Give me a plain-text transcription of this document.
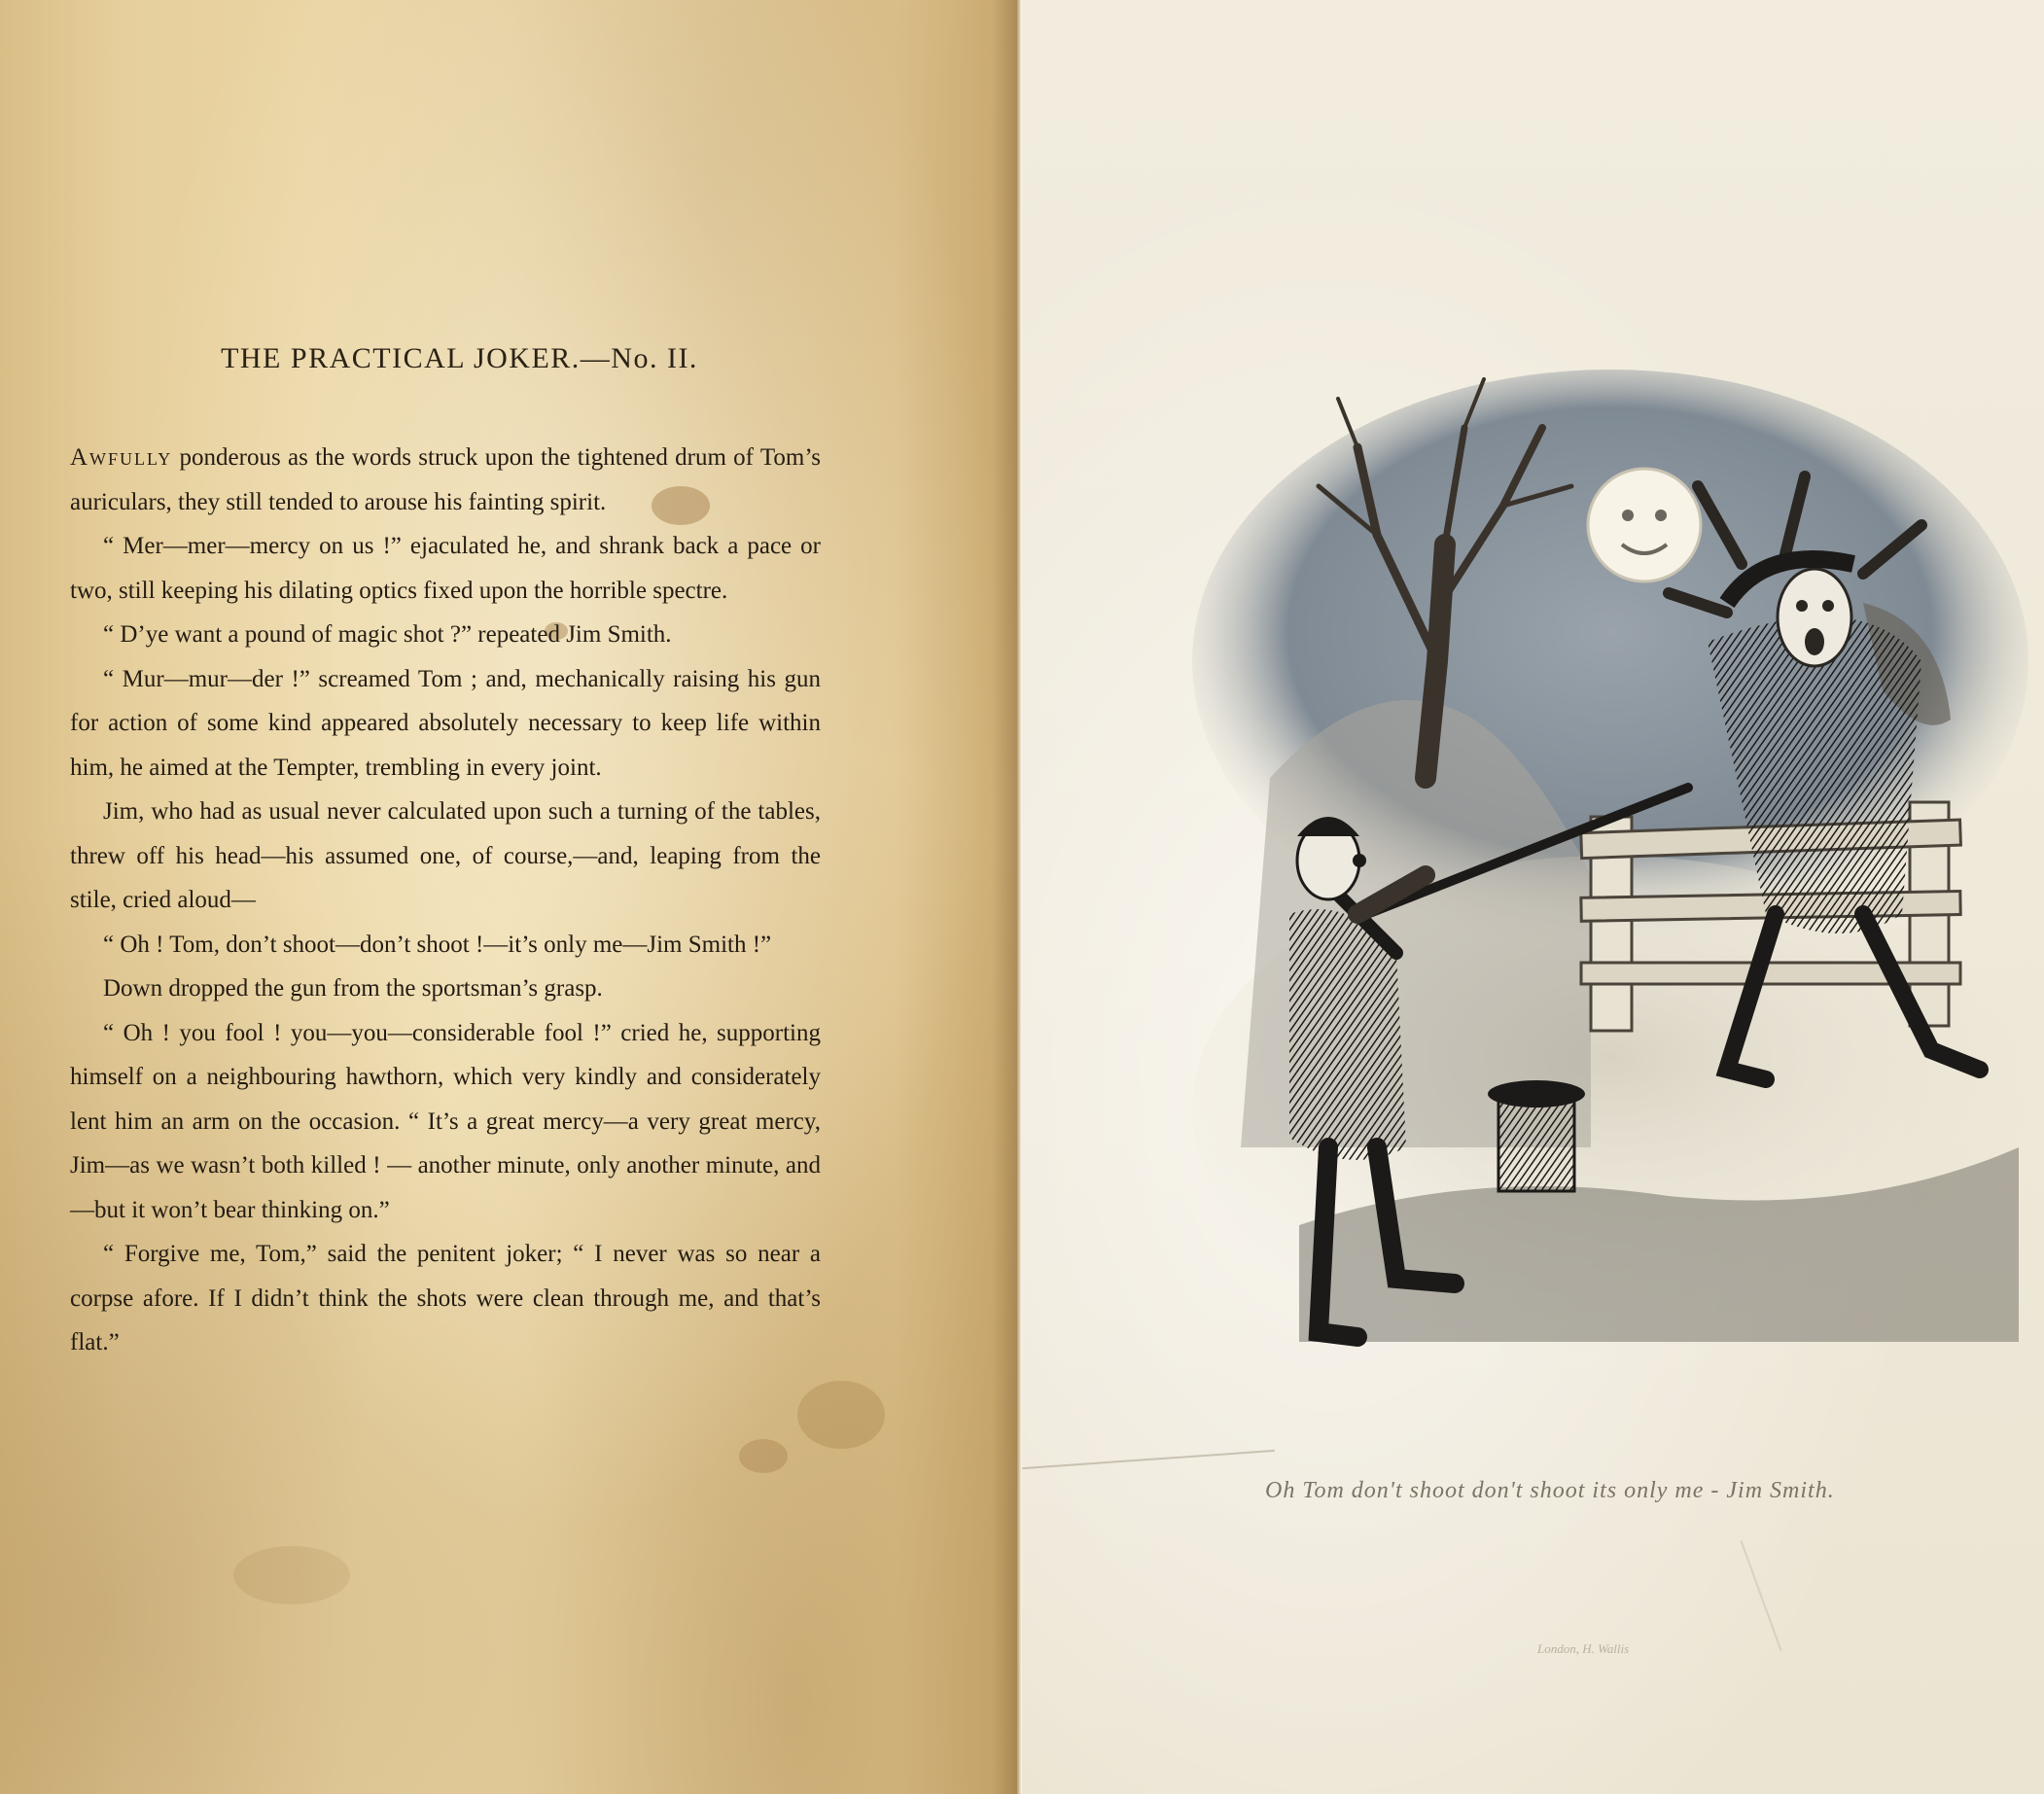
THE PRACTICAL JOKER.—No. II.

Awfully ponderous as the words struck upon the tightened drum of Tom’s auriculars, they still tended to arouse his fainting spirit.

“ Mer—mer—mercy on us !” ejaculated he, and shrank back a pace or two, still keeping his dilating optics fixed upon the horrible spectre.

“ D’ye want a pound of magic shot ?” repeated Jim Smith.

“ Mur—mur—der !” screamed Tom ; and, mechanically raising his gun for action of some kind appeared absolutely necessary to keep life within him, he aimed at the Tempter, trembling in every joint.

Jim, who had as usual never calculated upon such a turning of the tables, threw off his head—his assumed one, of course,—and, leaping from the stile, cried aloud—

“ Oh ! Tom, don’t shoot—don’t shoot !—it’s only me—Jim Smith !”

Down dropped the gun from the sportsman’s grasp.

“ Oh ! you fool ! you—you—considerable fool !” cried he, supporting himself on a neighbouring hawthorn, which very kindly and considerately lent him an arm on the occasion. “ It’s a great mercy—a very great mercy, Jim—as we wasn’t both killed ! — another minute, only another minute, and—but it won’t bear thinking on.”

“ Forgive me, Tom,” said the penitent joker; “ I never was so near a corpse afore. If I didn’t think the shots were clean through me, and that’s flat.”

Oh Tom don't shoot don't shoot its only me - Jim Smith.
London, H. Wallis
